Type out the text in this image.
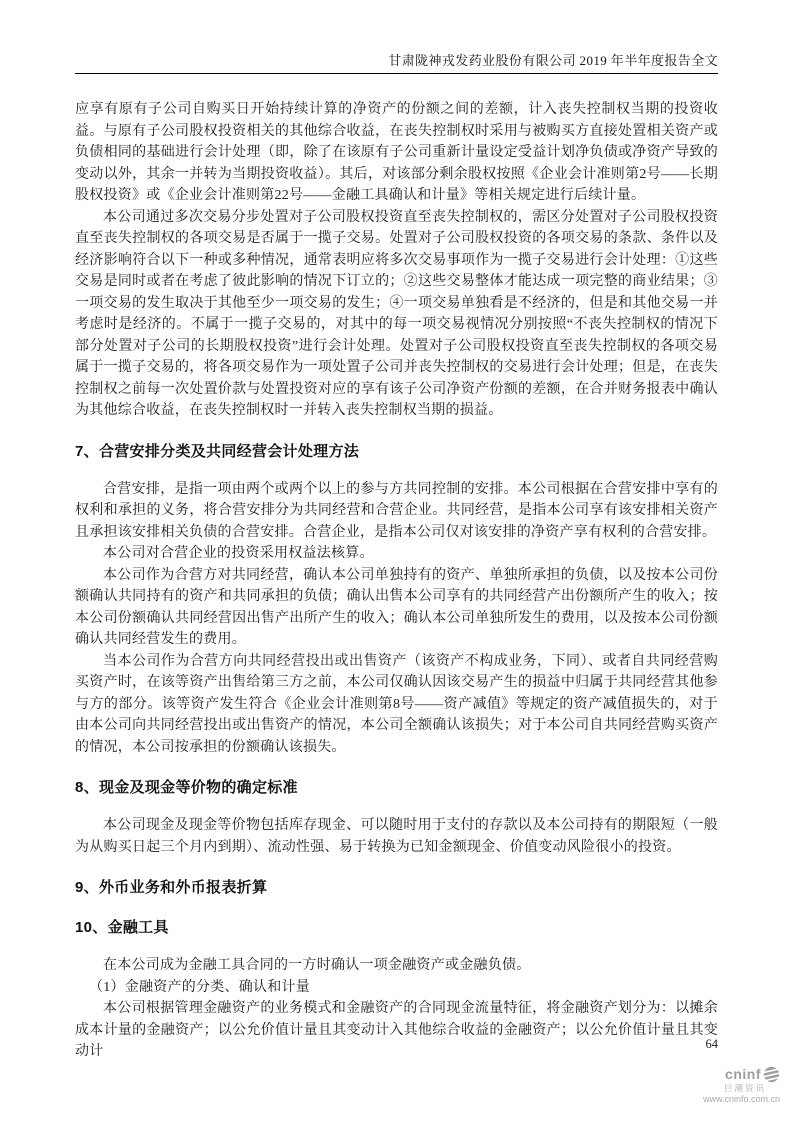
甘肃陇神戎发药业股份有限公司 2019 年半年度报告全文

应享有原有子公司自购买日开始持续计算的净资产的份额之间的差额，计入丧失控制权当期的投资收益。与原有子公司股权投资相关的其他综合收益，在丧失控制权时采用与被购买方直接处置相关资产或负债相同的基础进行会计处理（即，除了在该原有子公司重新计量设定受益计划净负债或净资产导致的变动以外，其余一并转为当期投资收益）。其后，对该部分剩余股权按照《企业会计准则第2号——长期股权投资》或《企业会计准则第22号——金融工具确认和计量》等相关规定进行后续计量。

本公司通过多次交易分步处置对子公司股权投资直至丧失控制权的，需区分处置对子公司股权投资直至丧失控制权的各项交易是否属于一揽子交易。处置对子公司股权投资的各项交易的条款、条件以及经济影响符合以下一种或多种情况，通常表明应将多次交易事项作为一揽子交易进行会计处理：①这些交易是同时或者在考虑了彼此影响的情况下订立的；②这些交易整体才能达成一项完整的商业结果；③一项交易的发生取决于其他至少一项交易的发生；④一项交易单独看是不经济的，但是和其他交易一并考虑时是经济的。不属于一揽子交易的，对其中的每一项交易视情况分别按照“不丧失控制权的情况下部分处置对子公司的长期股权投资”进行会计处理。处置对子公司股权投资直至丧失控制权的各项交易属于一揽子交易的，将各项交易作为一项处置子公司并丧失控制权的交易进行会计处理；但是，在丧失控制权之前每一次处置价款与处置投资对应的享有该子公司净资产份额的差额，在合并财务报表中确认为其他综合收益，在丧失控制权时一并转入丧失控制权当期的损益。

7、合营安排分类及共同经营会计处理方法

合营安排，是指一项由两个或两个以上的参与方共同控制的安排。本公司根据在合营安排中享有的权利和承担的义务，将合营安排分为共同经营和合营企业。共同经营，是指本公司享有该安排相关资产且承担该安排相关负债的合营安排。合营企业，是指本公司仅对该安排的净资产享有权利的合营安排。

本公司对合营企业的投资采用权益法核算。

本公司作为合营方对共同经营，确认本公司单独持有的资产、单独所承担的负债，以及按本公司份额确认共同持有的资产和共同承担的负债；确认出售本公司享有的共同经营产出份额所产生的收入；按本公司份额确认共同经营因出售产出所产生的收入；确认本公司单独所发生的费用，以及按本公司份额确认共同经营发生的费用。

当本公司作为合营方向共同经营投出或出售资产（该资产不构成业务，下同）、或者自共同经营购买资产时，在该等资产出售给第三方之前，本公司仅确认因该交易产生的损益中归属于共同经营其他参与方的部分。该等资产发生符合《企业会计准则第8号——资产减值》等规定的资产减值损失的，对于由本公司向共同经营投出或出售资产的情况，本公司全额确认该损失；对于本公司自共同经营购买资产的情况，本公司按承担的份额确认该损失。

8、现金及现金等价物的确定标准

本公司现金及现金等价物包括库存现金、可以随时用于支付的存款以及本公司持有的期限短（一般为从购买日起三个月内到期）、流动性强、易于转换为已知金额现金、价值变动风险很小的投资。

9、外币业务和外币报表折算
10、金融工具

在本公司成为金融工具合同的一方时确认一项金融资产或金融负债。

（1）金融资产的分类、确认和计量

本公司根据管理金融资产的业务模式和金融资产的合同现金流量特征，将金融资产划分为：以摊余成本计量的金融资产；以公允价值计量且其变动计入其他综合收益的金融资产；以公允价值计量且其变动计	64
cninf
巨潮资讯
www.cninfo.com.cn
